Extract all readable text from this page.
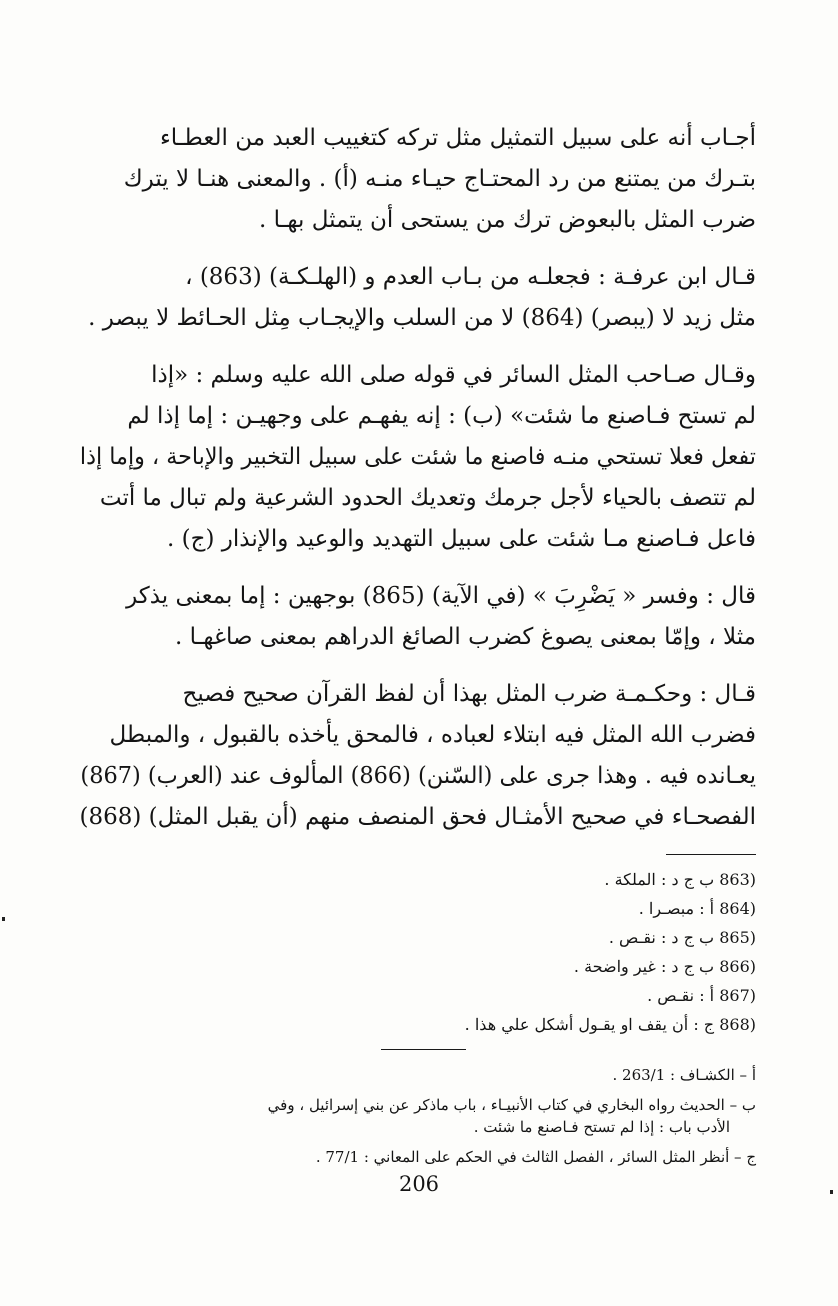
أجـاب أنه على سبيل التمثيل مثل تركه كتغييب العبد من العطـاء
بتـرك من يمتنع من رد المحتـاج حيـاء منـه (أ) . والمعنى هنـا لا يترك
ضرب المثل بالبعوض ترك من يستحى أن يتمثل بهـا .

قـال ابن عرفـة : فجعلـه من بـاب العدم و (الهلـكـة) (863) ،
مثل زيد لا (يبصر) (864) لا من السلب والإيجـاب مِثل الحـائط لا يبصر .

وقـال صـاحب المثل السائر في قوله صلى الله عليه وسلم : «إذا
لم تستح فـاصنع ما شئت» (ب) : إنه يفهـم على وجهيـن : إما إذا لم
تفعل فعلا تستحي منـه فاصنع ما شئت على سبيل التخبير والإباحة ، وإما إذا
لم تتصف بالحياء لأجل جرمك وتعديك الحدود الشرعية ولم تبال ما أتت
فاعل فـاصنع مـا شئت على سبيل التهديد والوعيد والإنذار (ج) .

قال : وفسر « يَضْرِبَ » (في الآية) (865) بوجهين : إما بمعنى يذكر
مثلا ، وإمّا بمعنى يصوغ كضرب الصائغ الدراهم بمعنى صاغهـا .

قـال : وحكـمـة ضرب المثل بهذا أن لفظ القرآن صحيح فصيح
فضرب الله المثل فيه ابتلاء لعباده ، فالمحق يأخذه بالقبول ، والمبطل
يعـانده فيه . وهذا جرى على (السّنن) (866) المألوف عند (العرب) (867)
الفصحـاء في صحيح الأمثـال فحق المنصف منهم (أن يقبل المثل) (868)

863) ب ج د : الملكة .
864) أ : مبصـرا .
865) ب ج د : نقـص .
866) ب ج د : غير واضحة .
867) أ : نقـص .
868) ج : أن يقف او يقـول أشكل علي هذا .
أ – الكشـاف : 263/1 .
ب – الحديث رواه البخاري في كتاب الأنبيـاء ، باب ماذكر عن بني إسرائيل ، وفي
الأدب باب : إذا لم تستح فـاصنع ما شئت .
ج – أنظر المثل السائر ، الفصل الثالث في الحكم على المعاني : 77/1 .
206
